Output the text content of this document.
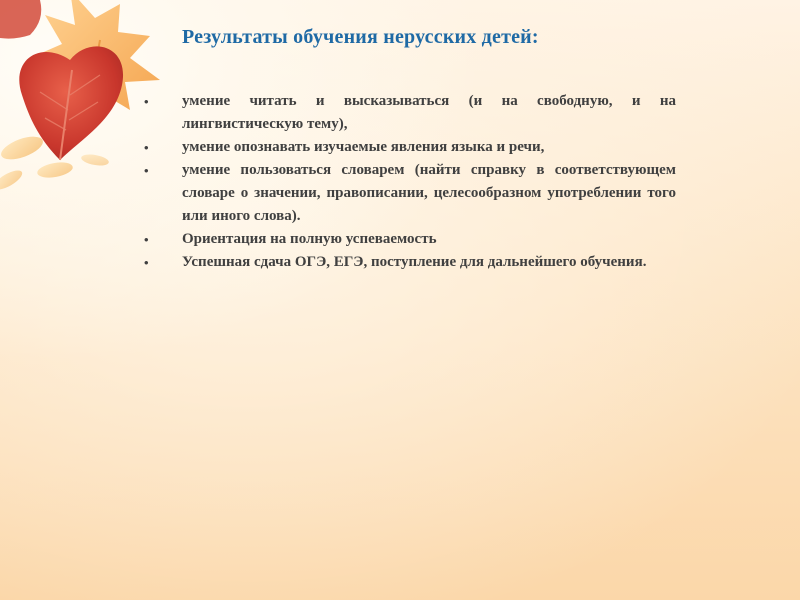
Результаты обучения нерусских детей:
•	умение читать и высказываться (и на свободную, и на лингвистическую тему),
•	умение опознавать изучаемые явления языка и речи,
•	умение пользоваться словарем (найти справку в соответствующем словаре о значении, правописании, целесообразном употреблении того или иного слова).
•	Ориентация на полную успеваемость
•	Успешная сдача ОГЭ, ЕГЭ, поступление для дальнейшего обучения.
